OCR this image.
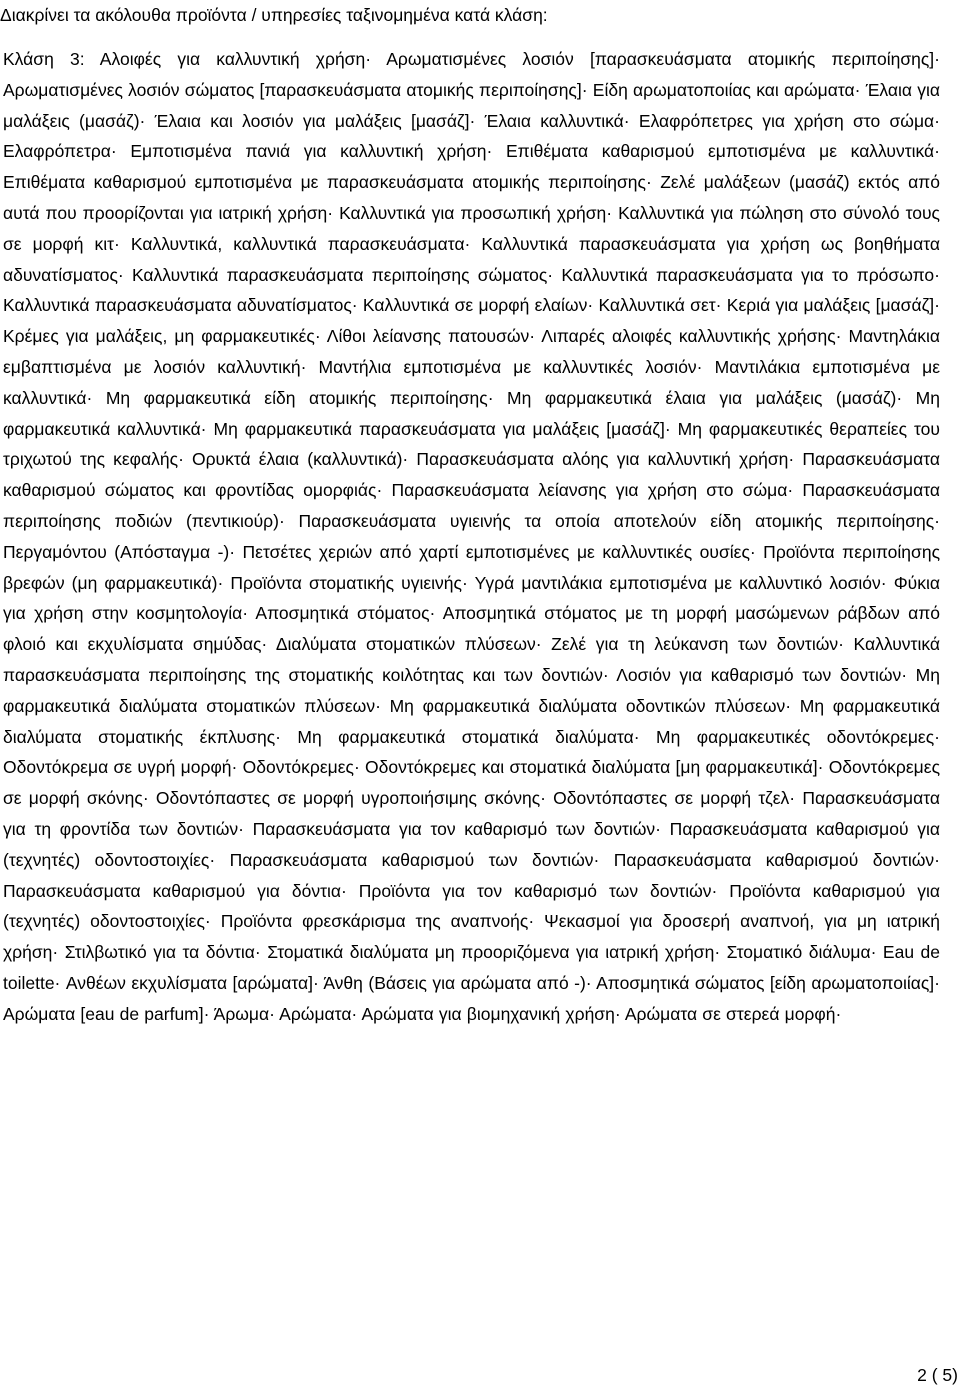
Διακρίνει τα ακόλουθα προϊόντα / υπηρεσίες ταξινομημένα κατά κλάση:
Κλάση 3: Αλοιφές για καλλυντική χρήση· Αρωματισμένες λοσιόν [παρασκευάσματα ατομικής περιποίησης]· Αρωματισμένες λοσιόν σώματος [παρασκευάσματα ατομικής περιποίησης]· Είδη αρωματοποιίας και αρώματα· Έλαια για μαλάξεις (μασάζ)· Έλαια και λοσιόν για μαλάξεις [μασάζ]· Έλαια καλλυντικά· Ελαφρόπετρες για χρήση στο σώμα· Ελαφρόπετρα· Εμποτισμένα πανιά για καλλυντική χρήση· Επιθέματα καθαρισμού εμποτισμένα με καλλυντικά· Επιθέματα καθαρισμού εμποτισμένα με παρασκευάσματα ατομικής περιποίησης· Ζελέ μαλάξεων (μασάζ) εκτός από αυτά που προορίζονται για ιατρική χρήση· Καλλυντικά για προσωπική χρήση· Καλλυντικά για πώληση στο σύνολό τους σε μορφή κιτ· Καλλυντικά, καλλυντικά παρασκευάσματα· Καλλυντικά παρασκευάσματα για χρήση ως βοηθήματα αδυνατίσματος· Καλλυντικά παρασκευάσματα περιποίησης σώματος· Καλλυντικά παρασκευάσματα για το πρόσωπο· Καλλυντικά παρασκευάσματα αδυνατίσματος· Καλλυντικά σε μορφή ελαίων· Καλλυντικά σετ· Κεριά για μαλάξεις [μασάζ]· Κρέμες για μαλάξεις, μη φαρμακευτικές· Λίθοι λείανσης πατουσών· Λιπαρές αλοιφές καλλυντικής χρήσης· Μαντηλάκια εμβαπτισμένα με λοσιόν καλλυντική· Μαντήλια εμποτισμένα με καλλυντικές λοσιόν· Μαντιλάκια εμποτισμένα με καλλυντικά· Μη φαρμακευτικά είδη ατομικής περιποίησης· Μη φαρμακευτικά έλαια για μαλάξεις (μασάζ)· Μη φαρμακευτικά καλλυντικά· Μη φαρμακευτικά παρασκευάσματα για μαλάξεις [μασάζ]· Μη φαρμακευτικές θεραπείες του τριχωτού της κεφαλής· Ορυκτά έλαια (καλλυντικά)· Παρασκευάσματα αλόης για καλλυντική χρήση· Παρασκευάσματα καθαρισμού σώματος και φροντίδας ομορφιάς· Παρασκευάσματα λείανσης για χρήση στο σώμα· Παρασκευάσματα περιποίησης ποδιών (πεντικιούρ)· Παρασκευάσματα υγιεινής τα οποία αποτελούν είδη ατομικής περιποίησης· Περγαμόντου (Απόσταγμα -)· Πετσέτες χεριών από χαρτί εμποτισμένες με καλλυντικές ουσίες· Προϊόντα περιποίησης βρεφών (μη φαρμακευτικά)· Προϊόντα στοματικής υγιεινής· Υγρά μαντιλάκια εμποτισμένα με καλλυντικό λοσιόν· Φύκια για χρήση στην κοσμητολογία· Αποσμητικά στόματος· Αποσμητικά στόματος με τη μορφή μασώμενων ράβδων από φλοιό και εκχυλίσματα σημύδας· Διαλύματα στοματικών πλύσεων· Ζελέ για τη λεύκανση των δοντιών· Καλλυντικά παρασκευάσματα περιποίησης της στοματικής κοιλότητας και των δοντιών· Λοσιόν για καθαρισμό των δοντιών· Μη φαρμακευτικά διαλύματα στοματικών πλύσεων· Μη φαρμακευτικά διαλύματα οδοντικών πλύσεων· Μη φαρμακευτικά διαλύματα στοματικής έκπλυσης· Μη φαρμακευτικά στοματικά διαλύματα· Μη φαρμακευτικές οδοντόκρεμες· Οδοντόκρεμα σε υγρή μορφή· Οδοντόκρεμες· Οδοντόκρεμες και στοματικά διαλύματα [μη φαρμακευτικά]· Οδοντόκρεμες σε μορφή σκόνης· Οδοντόπαστες σε μορφή υγροποιήσιμης σκόνης· Οδοντόπαστες σε μορφή τζελ· Παρασκευάσματα για τη φροντίδα των δοντιών· Παρασκευάσματα για τον καθαρισμό των δοντιών· Παρασκευάσματα καθαρισμού για (τεχνητές) οδοντοστοιχίες· Παρασκευάσματα καθαρισμού των δοντιών· Παρασκευάσματα καθαρισμού δοντιών· Παρασκευάσματα καθαρισμού για δόντια· Προϊόντα για τον καθαρισμό των δοντιών· Προϊόντα καθαρισμού για (τεχνητές) οδοντοστοιχίες· Προϊόντα φρεσκάρισμα της αναπνοής· Ψεκασμοί για δροσερή αναπνοή, για μη ιατρική χρήση· Στιλβωτικό για τα δόντια· Στοματικά διαλύματα μη προοριζόμενα για ιατρική χρήση· Στοματικό διάλυμα· Eau de toilette· Ανθέων εκχυλίσματα [αρώματα]· Άνθη (Βάσεις για αρώματα από -)· Αποσμητικά σώματος [είδη αρωματοποιίας]· Αρώματα [eau de parfum]· Άρωμα· Αρώματα· Αρώματα για βιομηχανική χρήση· Αρώματα σε στερεά μορφή·
2 ( 5)
